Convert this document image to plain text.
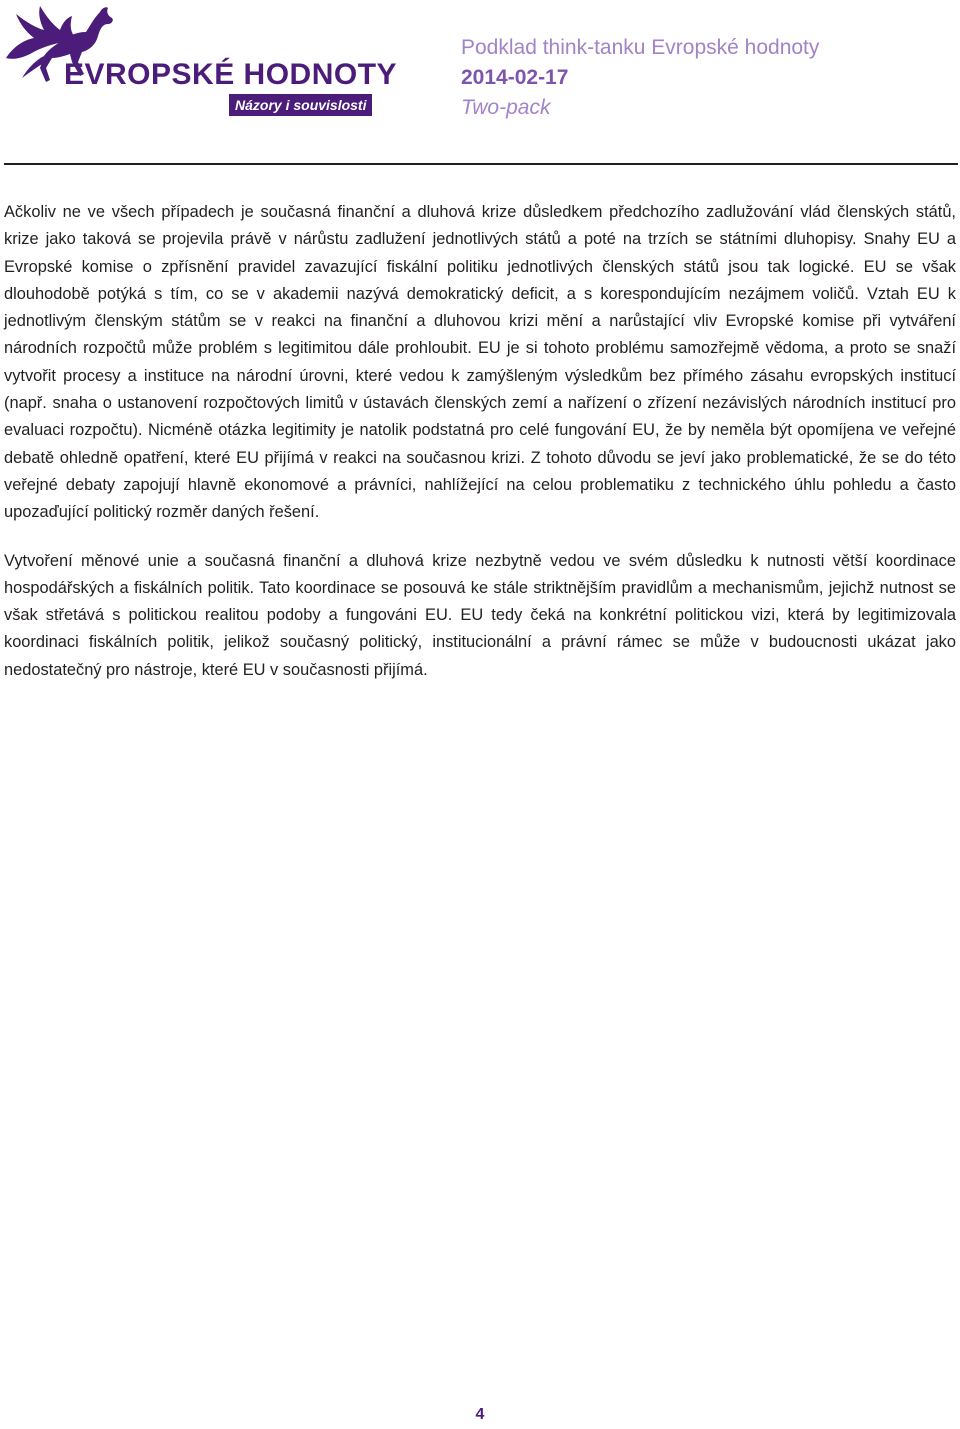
EVROPSKÉ HODNOTY
Názory i souvislosti
Podklad think-tanku Evropské hodnoty
2014-02-17
Two-pack

Ačkoliv ne ve všech případech je současná finanční a dluhová krize důsledkem předchozího zadlužování vlád členských států, krize jako taková se projevila právě v nárůstu zadlužení jednotlivých států a poté na trzích se státními dluhopisy. Snahy EU a Evropské komise o zpřísnění pravidel zavazující fiskální politiku jednotlivých členských států jsou tak logické. EU se však dlouhodobě potýká s tím, co se v akademii nazývá demokratický deficit, a s korespondujícím nezájmem voličů. Vztah EU k jednotlivým členským státům se v reakci na finanční a dluhovou krizi mění a narůstající vliv Evropské komise při vytváření národních rozpočtů může problém s legitimitou dále prohloubit. EU je si tohoto problému samozřejmě vědoma, a proto se snaží vytvořit procesy a instituce na národní úrovni, které vedou k zamýšleným výsledkům bez přímého zásahu evropských institucí (např. snaha o ustanovení rozpočtových limitů v ústavách členských zemí a nařízení o zřízení nezávislých národních institucí pro evaluaci rozpočtu). Nicméně otázka legitimity je natolik podstatná pro celé fungování EU, že by neměla být opomíjena ve veřejné debatě ohledně opatření, které EU přijímá v reakci na současnou krizi. Z tohoto důvodu se jeví jako problematické, že se do této veřejné debaty zapojují hlavně ekonomové a právníci, nahlížející na celou problematiku z technického úhlu pohledu a často upozaďující politický rozměr daných řešení.

Vytvoření měnové unie a současná finanční a dluhová krize nezbytně vedou ve svém důsledku k nutnosti větší koordinace hospodářských a fiskálních politik. Tato koordinace se posouvá ke stále striktnějším pravidlům a mechanismům, jejichž nutnost se však střetává s politickou realitou podoby a fungováni EU. EU tedy čeká na konkrétní politickou vizi, která by legitimizovala koordinaci fiskálních politik, jelikož současný politický, institucionální a právní rámec se může v budoucnosti ukázat jako nedostatečný pro nástroje, které EU v současnosti přijímá.

4
